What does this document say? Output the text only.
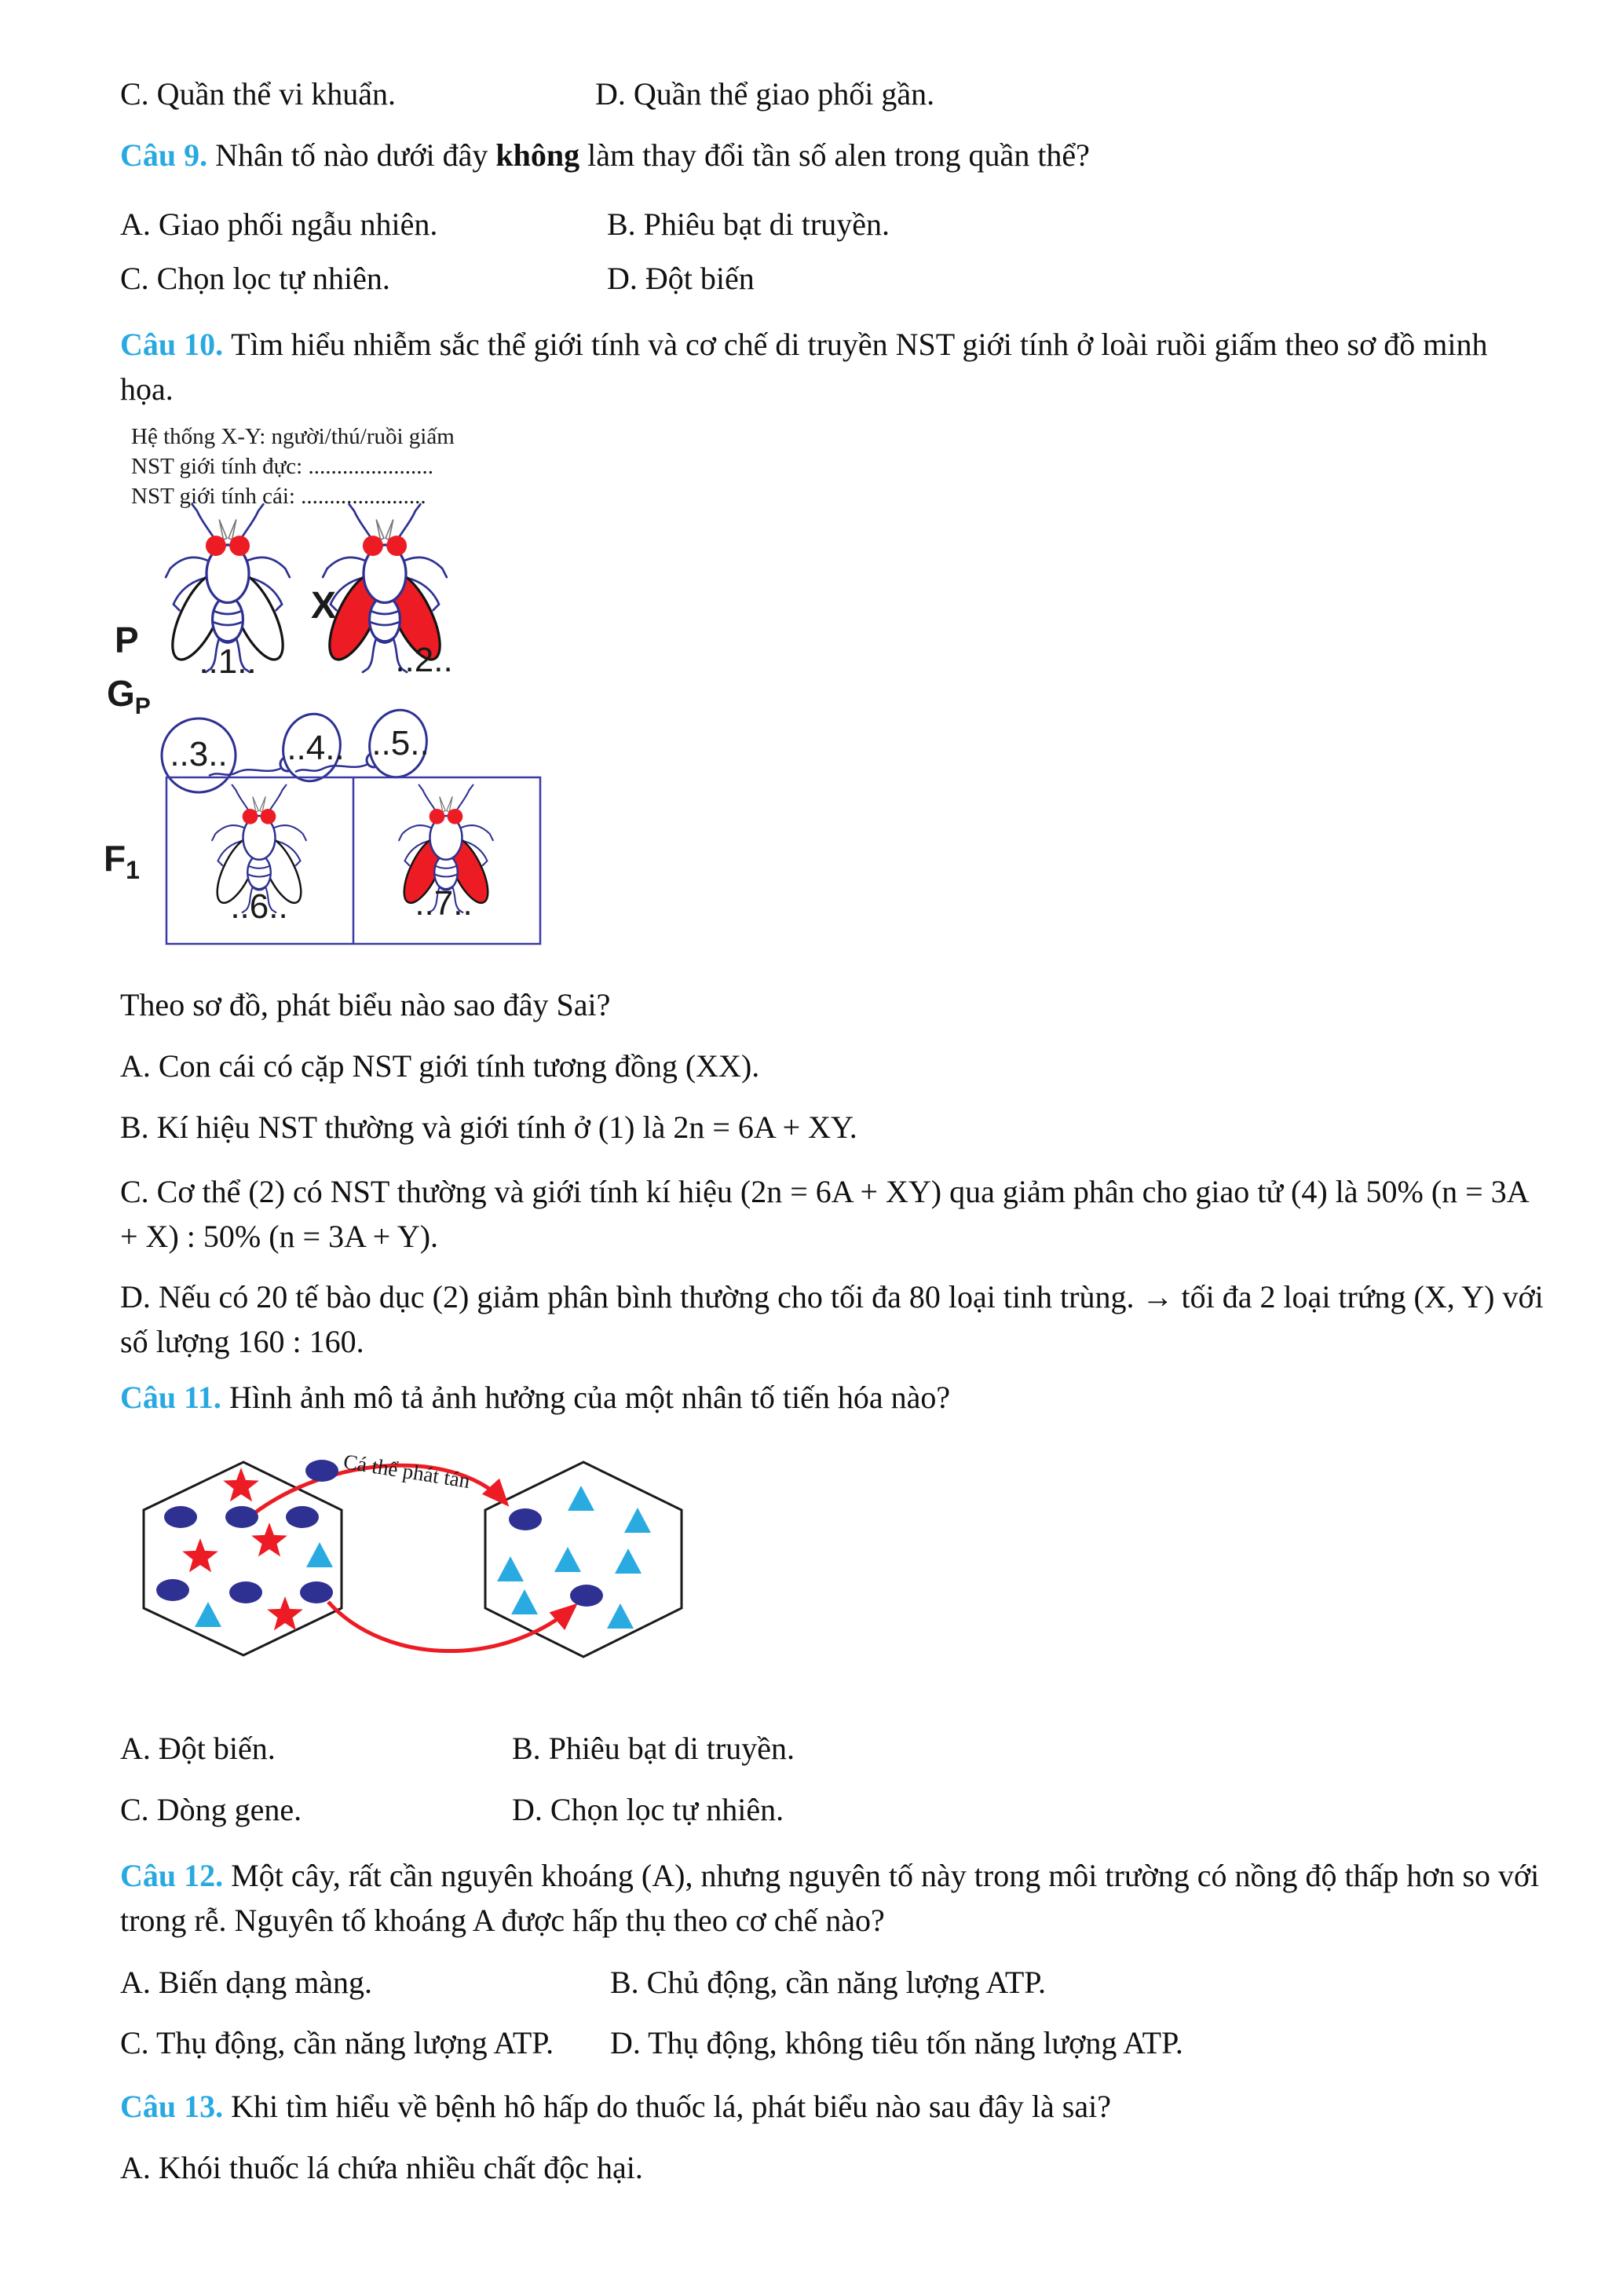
C. Quần thể vi khuẩn.	D. Quần thể giao phối gần.
Câu 9. Nhân tố nào dưới đây không làm thay đổi tần số alen trong quần thể?
A. Giao phối ngẫu nhiên.	B. Phiêu bạt di truyền.
C. Chọn lọc tự nhiên.	D. Đột biến
Câu 10. Tìm hiểu nhiễm sắc thể giới tính và cơ chế di truyền NST giới tính ở loài ruồi giấm theo sơ đồ minh họa.
Hệ thống X-Y: người/thú/ruồi giấm
NST giới tính đực: ......................
NST giới tính cái: ......................
P
X
..1..	..2..
$G_P$
..3..	..4.. ..5..
$F_1$
..6..	..7..
Theo sơ đồ, phát biểu nào sao đây Sai?
A. Con cái có cặp NST giới tính tương đồng (XX).
B. Kí hiệu NST thường và giới tính ở (1) là 2n = 6A + XY.
C. Cơ thể (2) có NST thường và giới tính kí hiệu (2n = 6A + XY) qua giảm phân cho giao tử (4) là 50% (n = 3A + X) : 50% (n = 3A + Y).
D. Nếu có 20 tế bào dục (2) giảm phân bình thường cho tối đa 80 loại tinh trùng. → tối đa 2 loại trứng (X, Y) với số lượng 160 : 160.
Câu 11. Hình ảnh mô tả ảnh hưởng của một nhân tố tiến hóa nào?
Cá thể phát tán
A. Đột biến.	B. Phiêu bạt di truyền.
C. Dòng gene.	D. Chọn lọc tự nhiên.
Câu 12. Một cây, rất cần nguyên khoáng (A), nhưng nguyên tố này trong môi trường có nồng độ thấp hơn so với trong rễ. Nguyên tố khoáng A được hấp thụ theo cơ chế nào?
A. Biến dạng màng.	B. Chủ động, cần năng lượng ATP.
C. Thụ động, cần năng lượng ATP. D. Thụ động, không tiêu tốn năng lượng ATP.
Câu 13. Khi tìm hiểu về bệnh hô hấp do thuốc lá, phát biểu nào sau đây là sai?
A. Khói thuốc lá chứa nhiều chất độc hại.
